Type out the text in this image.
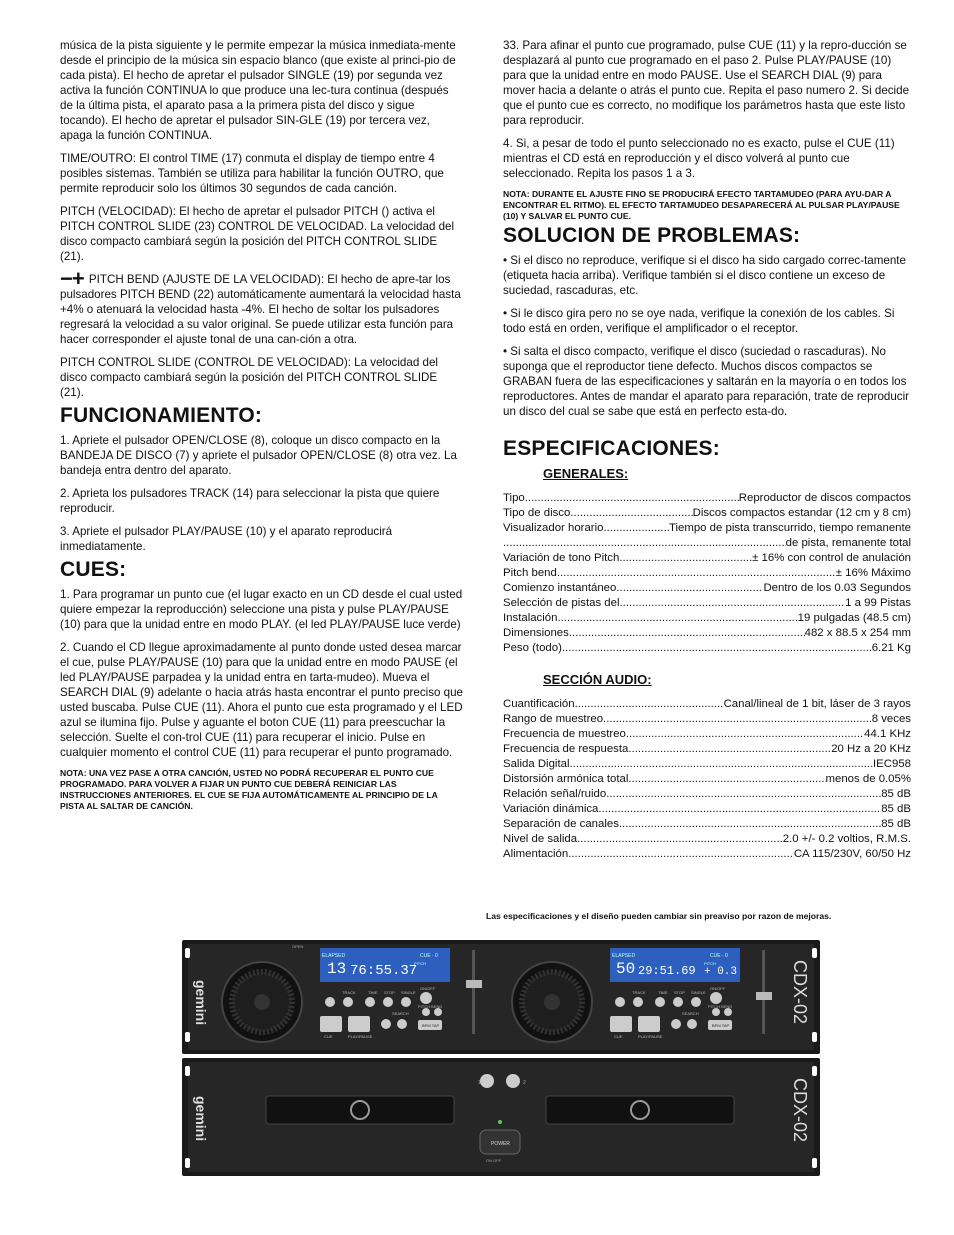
música de la pista siguiente y le permite empezar la música inmediata-mente desde el principio de la música sin espacio blanco (que existe al princi-pio de cada pista). El hecho de apretar el pulsador SINGLE (19) por segunda vez activa la función CONTINUA lo que produce una lec-tura continua (después de la última pista, el aparato pasa a la primera pista del disco y sigue tocando). El hecho de apretar el pulsador SIN-GLE (19) por tercera vez, apaga la función CONTINUA.

TIME/OUTRO: El control TIME (17) conmuta el display de tiempo entre 4 posibles sistemas. También se utiliza para habilitar la función OUTRO, que permite reproducir solo los últimos 30 segundos de cada canción.

PITCH (VELOCIDAD): El hecho de apretar el pulsador PITCH () activa el PITCH CONTROL SLIDE (23) CONTROL DE VELOCIDAD. La velocidad del disco compacto cambiará según la posición del PITCH CONTROL SLIDE (21).

−+ PITCH BEND (AJUSTE DE LA VELOCIDAD): El hecho de apre-tar los pulsadores PITCH BEND (22) automáticamente aumentará la velocidad hasta +4% o atenuará la velocidad hasta -4%. El hecho de soltar los pulsadores regresará la velocidad a su valor original. Se puede utilizar esta función para hacer corresponder el ajuste tonal de una can-ción a otra.

PITCH CONTROL SLIDE (CONTROL DE VELOCIDAD): La velocidad del disco compacto cambiará según la posición del PITCH CONTROL SLIDE (21).

FUNCIONAMIENTO:

1. Apriete el pulsador OPEN/CLOSE (8), coloque un disco compacto en la BANDEJA DE DISCO (7) y apriete el pulsador OPEN/CLOSE (8) otra vez. La bandeja entra dentro del aparato.

2. Aprieta los pulsadores TRACK (14) para seleccionar la pista que quiere reproducir.

3. Apriete el pulsador PLAY/PAUSE (10) y el aparato reproducirá inmediatamente.

CUES:

1. Para programar un punto cue (el lugar exacto en un CD desde el cual usted quiere empezar la reproducción) seleccione una pista y pulse PLAY/PAUSE (10) para que la unidad entre en modo PLAY. (el led PLAY/PAUSE luce verde)

2. Cuando el CD llegue aproximadamente al punto donde usted desea marcar el cue, pulse PLAY/PAUSE (10) para que la unidad entre en modo PAUSE (el led PLAY/PAUSE parpadea y la unidad entra en tarta-mudeo). Mueva el SEARCH DIAL (9) adelante o hacia atrás hasta encontrar el punto preciso que usted buscaba. Pulse CUE (11). Ahora el punto cue esta programado y el LED azul se ilumina fijo. Pulse y aguante el boton CUE (11) para preescuchar la selección. Suelte el con-trol CUE (11) para recuperar el inicio. Pulse en cualquier momento el control CUE (11) para recuperar el punto programado.

NOTA: UNA VEZ PASE A OTRA CANCIÓN, USTED NO PODRÁ RECUPERAR EL PUNTO CUE PROGRAMADO. PARA VOLVER A FIJAR UN PUNTO CUE DEBERÁ REINICIAR LAS INSTRUCCIONES ANTERIORES. EL CUE SE FIJA AUTOMÁTICAMENTE AL PRINCIPIO DE LA PISTA AL SALTAR DE CANCIÓN.

33. Para afinar el punto cue programado, pulse CUE (11) y la repro-ducción se desplazará al punto cue programado en el paso 2. Pulse PLAY/PAUSE (10) para que la unidad entre en modo PAUSE. Use el SEARCH DIAL (9) para mover hacia a delante o atrás el punto cue. Repita el paso numero 2. Si decide que el punto cue es correcto, no modifique los parámetros hasta que este listo para reproducir.

4. Si, a pesar de todo el punto seleccionado no es exacto, pulse el CUE (11) mientras el CD está en reproducción y el disco volverá al punto cue seleccionado. Repita los pasos 1 a 3.

NOTA: DURANTE EL AJUSTE FINO SE PRODUCIRÁ EFECTO TARTAMUDEO (PARA AYU-DAR A ENCONTRAR EL RITMO). EL EFECTO TARTAMUDEO DESAPARECERÁ AL PULSAR PLAY/PAUSE (10) Y SALVAR EL PUNTO CUE.

SOLUCION DE PROBLEMAS:

• Si el disco no reproduce, verifique si el disco ha sido cargado correc-tamente (etiqueta hacia arriba). Verifique también si el disco contiene un exceso de suciedad, rascaduras, etc.

• Si le disco gira pero no se oye nada, verifique la conexión de los cables. Si todo está en orden, verifique el amplificador o el receptor.

• Si salta el disco compacto, verifique el disco (suciedad o rascaduras). No suponga que el reproductor tiene defecto. Muchos discos compactos se GRABAN fuera de las especificaciones y saltarán en la mayoría o en todos los reproductores. Antes de mandar el aparato para reparación, trate de reproducir un disco del cual se sabe que está en perfecto esta-do.

ESPECIFICACIONES:
GENERALES:
Tipo .....	Reproductor de discos compactos
Tipo de disco .....	Discos compactos estandar (12 cm y 8 cm)
Visualizador horario .....	Tiempo de pista transcurrido, tiempo remanente
.....
de pista, remanente total
Variación de tono Pitch .....	± 16% con control de anulación
Pitch bend .....	± 16% Máximo
Comienzo instantáneo .....	Dentro de los 0.03 Segundos
Selección de pistas del .....	1 a 99 Pistas
Instalación .....	19 pulgadas (48.5 cm)
Dimensiones .....	482 x 88.5 x 254 mm
Peso (todo) .....	6.21 Kg
SECCIÓN AUDIO:
Cuantificación .....	Canal/lineal de 1 bit, láser de 3 rayos
Rango de muestreo .....	8 veces
Frecuencia de muestreo .....	44.1 KHz
Frecuencia de respuesta .....	20 Hz a 20 KHz
Salida Digital .....	IEC958
Distorsión armónica total .....	menos de 0.05%
Relación señal/ruido .....	85 dB
Variación dinámica .....	85 dB
Separación de canales .....	85 dB
Nivel de salida .....	2.0 +/- 0.2 voltios, R.M.S.
Alimentación .....	CA 115/230V, 60/50 Hz
Las especificaciones y el diseño pueden cambiar sin preaviso por razon de mejoras.
gemini
13 76:55.37
ELAPSED	CUE · 0
OPEN
TRACK	TIME STOP SINGLE
ON/OFF
PITCH BEND
SEARCH
CUE	PLAY/PAUSE
BPM TAP
PITCH	50 29:51.69 + 0.3
ELAPSED	CUE · 0
TRACK	TIME STOP SINGLE
ON/OFF
PITCH BEND
SEARCH
CUE	PLAY/PAUSE
BPM TAP
PITCH	CDX-02
gemini
1	2
POWER
ON OFF
CDX-02
